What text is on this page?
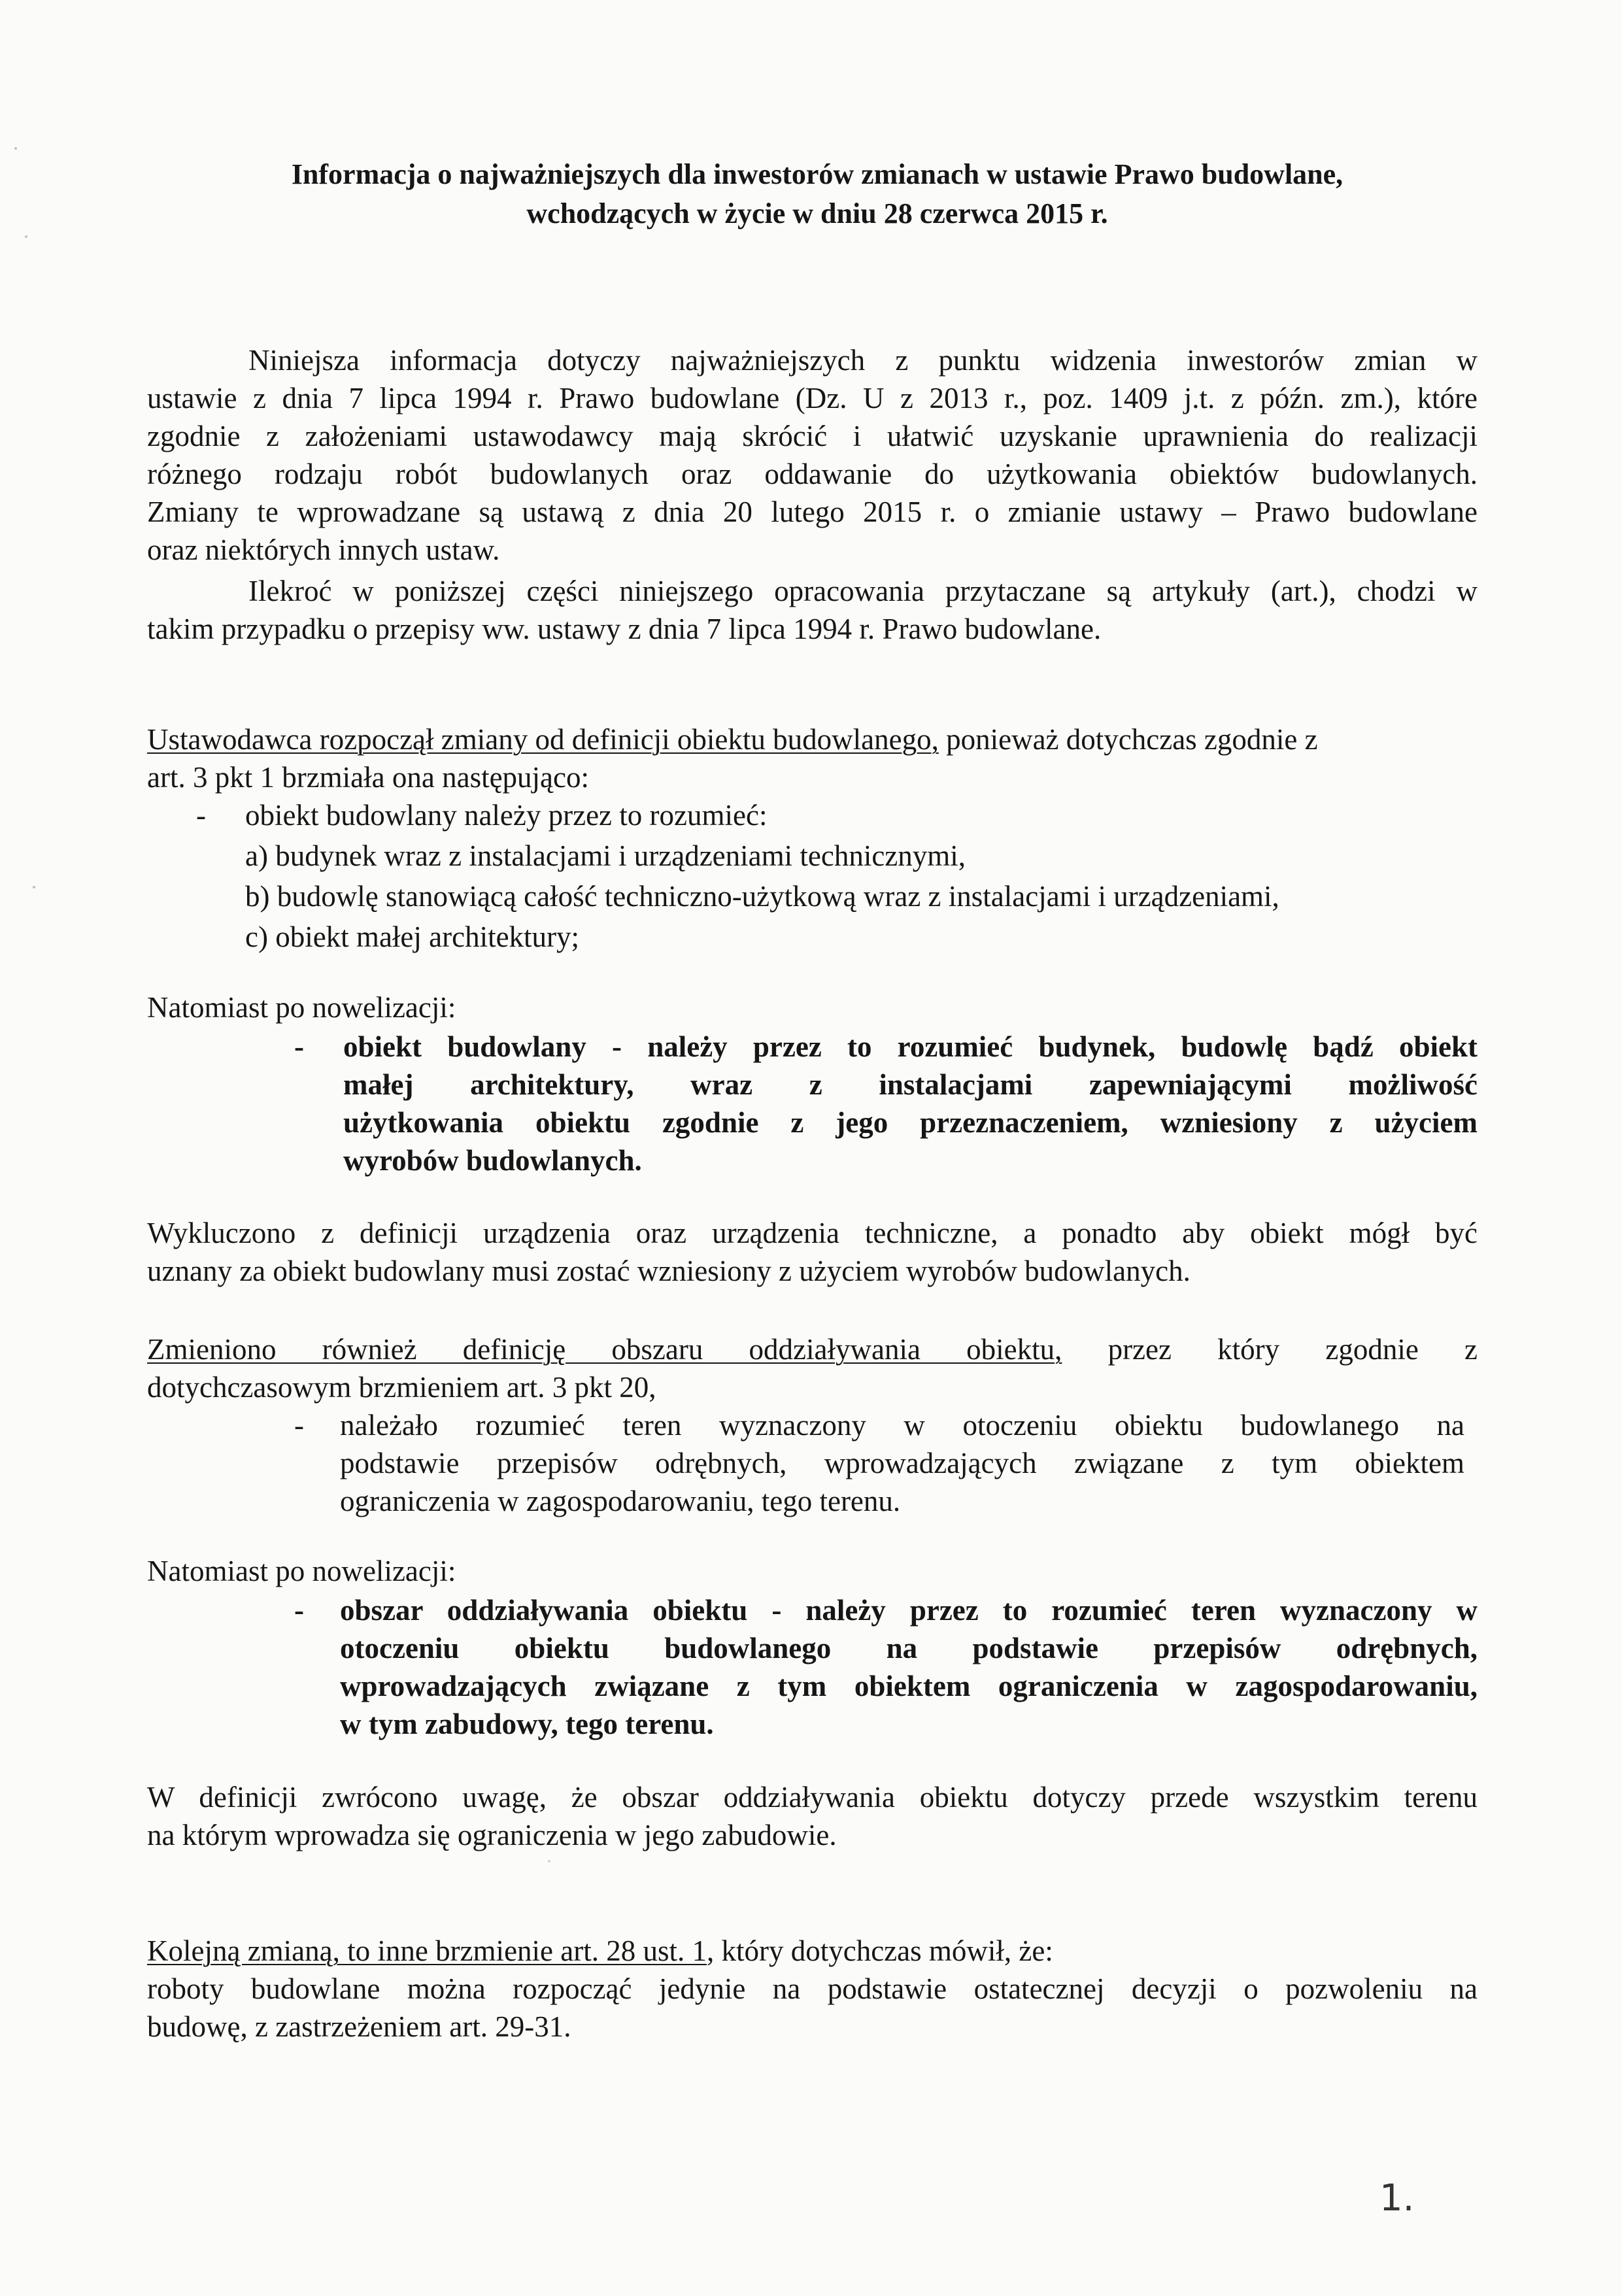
Informacja o najważniejszych dla inwestorów zmianach w ustawie Prawo budowlane,
wchodzących w życie w dniu 28 czerwca 2015 r.
Niniejsza informacja dotyczy najważniejszych z punktu widzenia inwestorów zmian w
ustawie z dnia 7 lipca 1994 r. Prawo budowlane (Dz. U z 2013 r., poz. 1409 j.t. z późn. zm.), które
zgodnie z założeniami ustawodawcy mają skrócić i ułatwić uzyskanie uprawnienia do realizacji
różnego rodzaju robót budowlanych oraz oddawanie do użytkowania obiektów budowlanych.
Zmiany te wprowadzane są ustawą z dnia 20 lutego 2015 r. o zmianie ustawy – Prawo budowlane
oraz niektórych innych ustaw.
Ilekroć w poniższej części niniejszego opracowania przytaczane są artykuły (art.), chodzi w
takim przypadku o przepisy ww. ustawy z dnia 7 lipca 1994 r. Prawo budowlane.
Ustawodawca rozpoczął zmiany od definicji obiektu budowlanego, ponieważ dotychczas zgodnie z
art. 3 pkt 1 brzmiała ona następująco:
- obiekt budowlany należy przez to rozumieć:
a) budynek wraz z instalacjami i urządzeniami technicznymi,
b) budowlę stanowiącą całość techniczno-użytkową wraz z instalacjami i urządzeniami,
c) obiekt małej architektury;
Natomiast po nowelizacji:
- obiekt budowlany - należy przez to rozumieć budynek, budowlę bądź obiekt
małej architektury, wraz z instalacjami zapewniającymi możliwość
użytkowania obiektu zgodnie z jego przeznaczeniem, wzniesiony z użyciem
wyrobów budowlanych.
Wykluczono z definicji urządzenia oraz urządzenia techniczne, a ponadto aby obiekt mógł być
uznany za obiekt budowlany musi zostać wzniesiony z użyciem wyrobów budowlanych.
Zmieniono również definicję obszaru oddziaływania obiektu, przez który zgodnie z
dotychczasowym brzmieniem art. 3 pkt 20,
- należało rozumieć teren wyznaczony w otoczeniu obiektu budowlanego na
podstawie przepisów odrębnych, wprowadzających związane z tym obiektem
ograniczenia w zagospodarowaniu, tego terenu.
Natomiast po nowelizacji:
- obszar oddziaływania obiektu - należy przez to rozumieć teren wyznaczony w
otoczeniu obiektu budowlanego na podstawie przepisów odrębnych,
wprowadzających związane z tym obiektem ograniczenia w zagospodarowaniu,
w tym zabudowy, tego terenu.
W definicji zwrócono uwagę, że obszar oddziaływania obiektu dotyczy przede wszystkim terenu
na którym wprowadza się ograniczenia w jego zabudowie.
Kolejną zmianą, to inne brzmienie art. 28 ust. 1, który dotychczas mówił, że:
roboty budowlane można rozpocząć jedynie na podstawie ostatecznej decyzji o pozwoleniu na
budowę, z zastrzeżeniem art. 29-31.
1.
